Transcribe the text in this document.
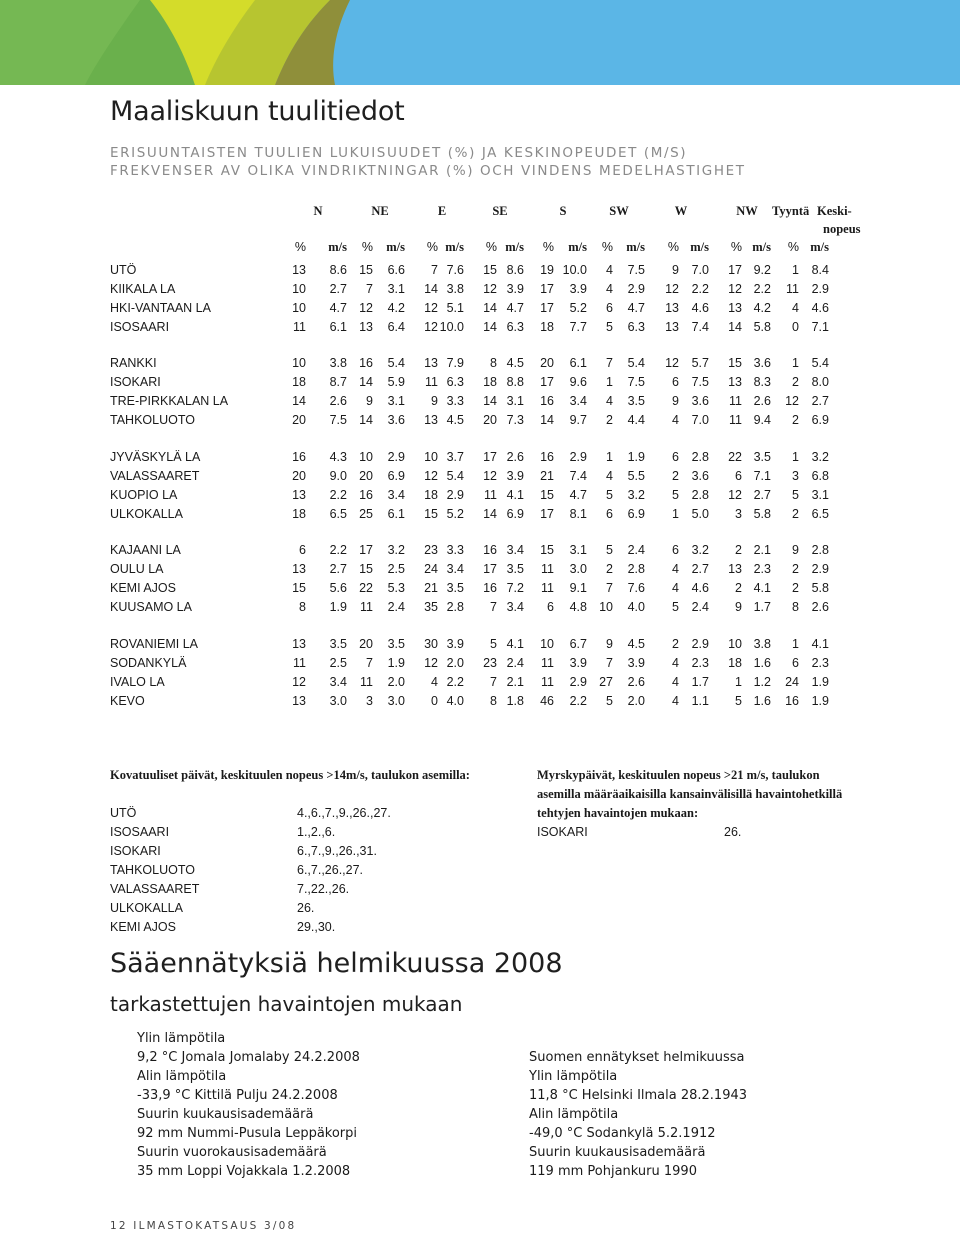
Maaliskuun tuulitiedot
ERISUUNTAISTEN TUULIEN LUKUISUUDET (%) JA KESKINOPEUDET (M/S)
FREKVENSER AV OLIKA VINDRIKTNINGAR (%) OCH VINDENS MEDELHASTIGHET
N	NE	E	SE	S	SW	W	NW Tyyntä Keski-
nopeus
%	m/s	%	m/s	% m/s	% m/s	%	m/s	%	m/s	% m/s	% m/s	% m/s
UTÖ	13	8.6 15	6.6	7 7.6	15 8.6	19 10.0	4	7.5	9	7.0	17 9.2	1	8.4
KIIKALA LA	10	2.7	7	3.1	14 3.8	12 3.9	17	3.9	4	2.9	12	2.2	12 2.2	11	2.9
HKI-VANTAAN LA	10	4.7 12	4.2	12 5.1	14 4.7	17	5.2	6	4.7	13	4.6	13 4.2	4	4.6
ISOSAARI	11	6.1 13	6.4	12 10.0	14 6.3	18	7.7	5	6.3	13	7.4	14 5.8	0	7.1
RANKKI	10	3.8 16	5.4	13 7.9	8 4.5	20	6.1	7	5.4	12	5.7	15 3.6	1	5.4
ISOKARI	18	8.7 14	5.9	11 6.3	18 8.8	17	9.6	1	7.5	6	7.5	13 8.3	2	8.0
TRE-PIRKKALAN LA	14	2.6	9	3.1	9 3.3	14 3.1	16	3.4	4	3.5	9	3.6	11 2.6	12	2.7
TAHKOLUOTO	20	7.5 14	3.6	13 4.5	20 7.3	14	9.7	2	4.4	4	7.0	11 9.4	2	6.9
JYVÄSKYLÄ LA	16	4.3 10	2.9	10 3.7	17 2.6	16	2.9	1	1.9	6	2.8	22 3.5	1	3.2
VALASSAARET	20	9.0 20	6.9	12 5.4	12 3.9	21	7.4	4	5.5	2	3.6	6 7.1	3	6.8
KUOPIO LA	13	2.2 16	3.4	18 2.9	11 4.1	15	4.7	5	3.2	5	2.8	12 2.7	5	3.1
ULKOKALLA	18	6.5 25	6.1	15 5.2	14 6.9	17	8.1	6	6.9	1	5.0	3 5.8	2	6.5
KAJAANI LA	6	2.2 17	3.2	23 3.3	16 3.4	15	3.1	5	2.4	6	3.2	2 2.1	9	2.8
OULU LA	13	2.7 15	2.5	24 3.4	17 3.5	11	3.0	2	2.8	4	2.7	13 2.3	2	2.9
KEMI AJOS	15	5.6 22	5.3	21 3.5	16 7.2	11	9.1	7	7.6	4	4.6	2 4.1	2	5.8
KUUSAMO LA	8	1.9	11	2.4	35 2.8	7 3.4	6	4.8 10	4.0	5	2.4	9 1.7	8	2.6
ROVANIEMI LA	13	3.5 20	3.5	30 3.9	5 4.1	10	6.7	9	4.5	2	2.9	10 3.8	1	4.1
SODANKYLÄ	11	2.5	7	1.9	12 2.0	23 2.4	11	3.9	7	3.9	4	2.3	18 1.6	6	2.3
IVALO LA	12	3.4	11	2.0	4 2.2	7 2.1	11	2.9 27	2.6	4	1.7	1 1.2	24	1.9
KEVO	13	3.0	3	3.0	0 4.0	8 1.8	46	2.2	5	2.0	4	1.1	5 1.6	16	1.9
Kovatuuliset päivät, keskituulen nopeus >14m/s, taulukon asemilla:
UTÖ	4.,6.,7.,9.,26.,27.
ISOSAARI	1.,2.,6.
ISOKARI	6.,7.,9.,26.,31.
TAHKOLUOTO	6.,7.,26.,27.
VALASSAARET	7.,22.,26.
ULKOKALLA	26.
KEMI AJOS	29.,30.
Myrskypäivät, keskituulen nopeus >21 m/s, taulukon
asemilla määräaikaisilla kansainvälisillä havaintohetkillä
tehtyjen havaintojen mukaan:
ISOKARI	26.
Sääennätyksiä helmikuussa 2008
tarkastettujen havaintojen mukaan
Ylin lämpötila
9,2 °C Jomala Jomalaby 24.2.2008
Alin lämpötila
-33,9 °C Kittilä Pulju 24.2.2008
Suurin kuukausisademäärä
92 mm Nummi-Pusula Leppäkorpi
Suurin vuorokausisademäärä
35 mm Loppi Vojakkala 1.2.2008
Suomen ennätykset helmikuussa
Ylin lämpötila
11,8 °C Helsinki Ilmala 28.2.1943
Alin lämpötila
-49,0 °C Sodankylä 5.2.1912
Suurin kuukausisademäärä
119 mm Pohjankuru 1990
12 ILMASTOKATSAUS 3/08
